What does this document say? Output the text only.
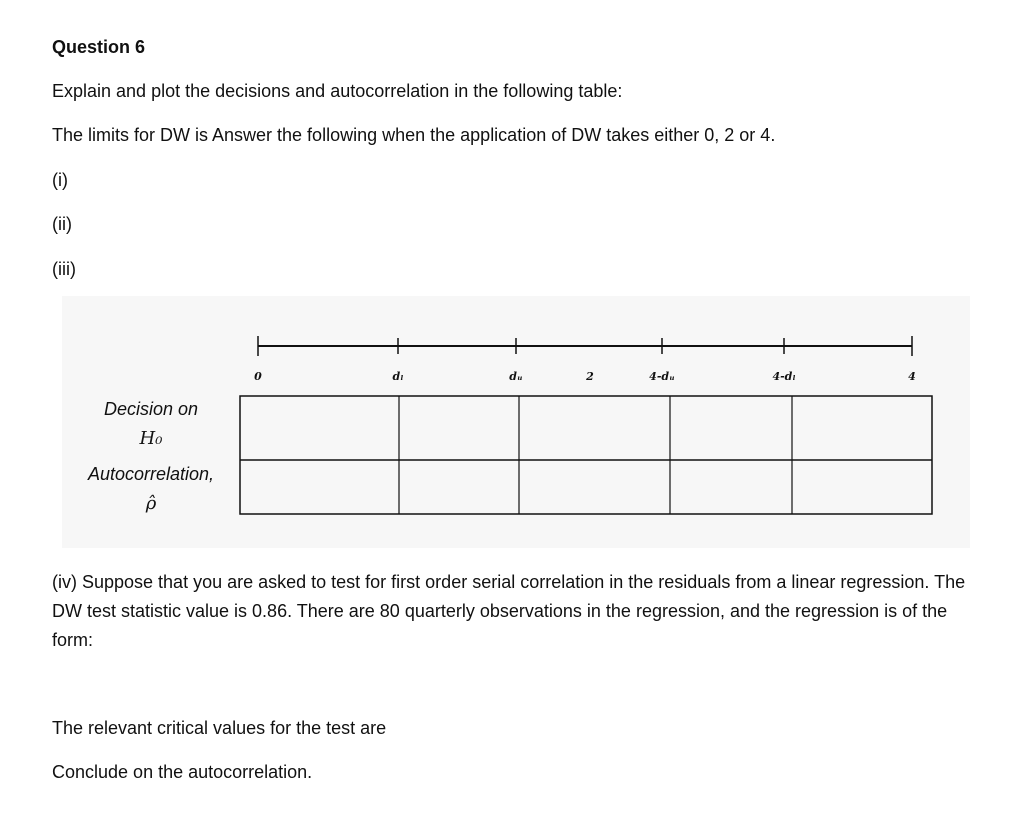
Question 6
Explain and plot the decisions and autocorrelation in the following table:
The limits for DW is Answer the following when the application of DW takes either 0, 2 or 4.
(i)
(ii)
(iii)
Decision on
H₀
Autocorrelation,
ρ̂
0	dₗ	dᵤ	2	4-dᵤ	4-dₗ	4
(iv) Suppose that you are asked to test for first order serial correlation in the residuals from a linear regression. The DW test statistic value is 0.86. There are 80 quarterly observations in the regression, and the regression is of the form:
The relevant critical values for the test are
Conclude on the autocorrelation.
